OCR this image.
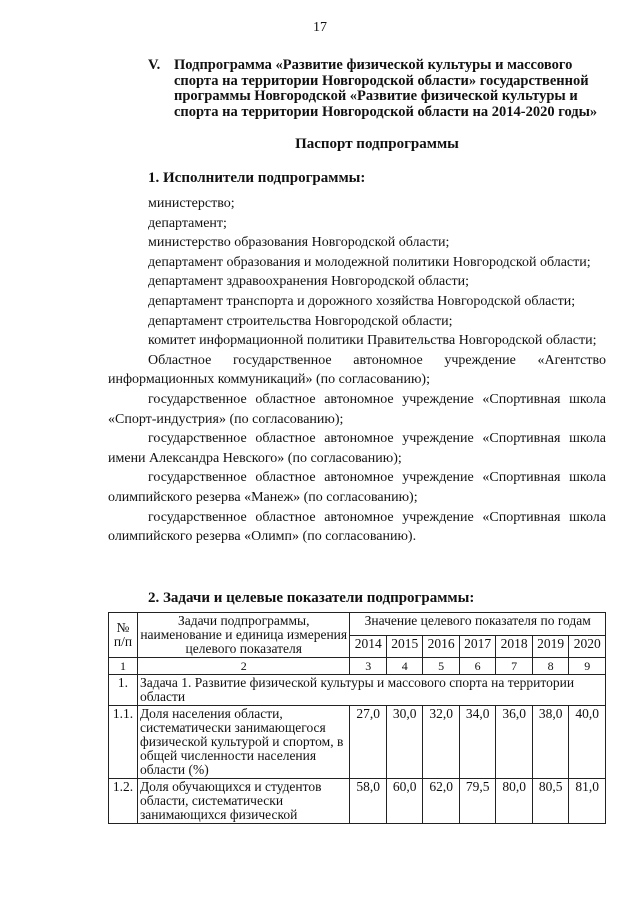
17
V. Подпрограмма «Развитие физической культуры и массового
спорта на территории Новгородской области» государственной
программы Новгородской «Развитие физической культуры и
спорта на территории Новгородской области на 2014-2020 годы»
Паспорт подпрограммы
1. Исполнители подпрограммы:

министерство;

департамент;

министерство образования Новгородской области;

департамент образования и молодежной политики Новгородской области;

департамент здравоохранения Новгородской области;

департамент транспорта и дорожного хозяйства Новгородской области;

департамент строительства Новгородской области;

комитет информационной политики Правительства Новгородской области;

Областное государственное автономное учреждение «Агентство информационных коммуникаций» (по согласованию);

государственное областное автономное учреждение «Спортивная школа «Спорт-индустрия» (по согласованию);

государственное областное автономное учреждение «Спортивная школа имени Александра Невского» (по согласованию);

государственное областное автономное учреждение «Спортивная школа олимпийского резерва «Манеж» (по согласованию);

государственное областное автономное учреждение «Спортивная школа олимпийского резерва «Олимп» (по согласованию).

2. Задачи и целевые показатели подпрограммы:
№ п/п	Задачи подпрограммы, наименование и единица измерения целевого показателя	Значение целевого показателя по годам						
		2014	2015	2016	2017	2018	2019	2020
1	2	3	4	5	6	7	8	9
1.	Задача 1. Развитие физической культуры и массового спорта на территории области							
1.1.	Доля населения области, систематически занимающегося физической культурой и спортом, в общей численности населения области (%)	27,0	30,0	32,0	34,0	36,0	38,0	40,0
1.2.	Доля обучающихся и студентов области, систематически занимающихся физической	58,0	60,0	62,0	79,5	80,0	80,5	81,0
